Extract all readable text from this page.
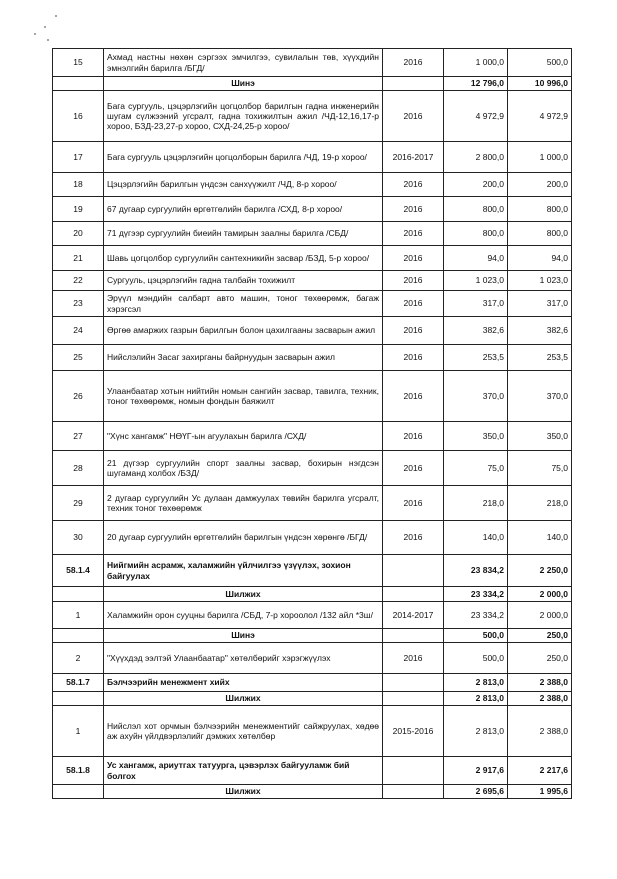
15	Ахмад настны нөхөн сэргээх эмчилгээ, сувилалын төв, хүүхдийн эмнэлгийн барилга /БГД/	2016	1 000,0	500,0
	Шинэ		12 796,0	10 996,0
16	Бага сургууль, цэцэрлэгийн цогцолбор барилгын гадна инженерийн шугам сүлжээний угсралт, гадна тохижилтын ажил /ЧД-12,16,17-р хороо, БЗД-23,27-р хороо, СХД-24,25-р хороо/	2016	4 972,9	4 972,9
17	Бага сургууль цэцэрлэгийн цогцолборын барилга /ЧД, 19-р хороо/	2016-2017	2 800,0	1 000,0
18	Цэцэрлэгийн барилгын үндсэн санхүүжилт /ЧД, 8-р хороо/	2016	200,0	200,0
19	67 дугаар сургуулийн өргөтгөлийн барилга /СХД, 8-р хороо/	2016	800,0	800,0
20	71 дүгээр сургуулийн биеийн тамирын заалны барилга /СБД/	2016	800,0	800,0
21	Шавь цогцолбор сургуулийн сантехникийн засвар /БЗД, 5-р хороо/	2016	94,0	94,0
22	Сургууль, цэцэрлэгийн гадна талбайн тохижилт	2016	1 023,0	1 023,0
23	Эрүүл мэндийн салбарт авто машин, тоног төхөөрөмж, багаж хэрэгсэл	2016	317,0	317,0
24	Өргөө амаржих газрын барилгын болон цахилгааны засварын ажил	2016	382,6	382,6
25	Нийслэлийн Засаг захирганы байрнуудын засварын ажил	2016	253,5	253,5
26	Улаанбаатар хотын нийтийн номын сангийн засвар, тавилга, техник, тоног төхөөрөмж, номын фондын баяжилт	2016	370,0	370,0
27	"Хүнс хангамж" НӨҮГ-ын агуулахын барилга /СХД/	2016	350,0	350,0
28	21 дүгээр сургуулийн спорт заалны засвар, бохирын нэгдсэн шугаманд холбох /БЗД/	2016	75,0	75,0
29	2 дугаар сургуулийн Ус дулаан дамжуулах төвийн барилга угсралт, техник тоног төхөөрөмж	2016	218,0	218,0
30	20 дугаар сургуулийн өргөтгөлийн барилгын үндсэн хөрөнгө /БГД/	2016	140,0	140,0
58.1.4	Нийгмийн асрамж, халамжийн үйлчилгээ үзүүлэх, зохион байгуулах		23 834,2	2 250,0
	Шилжих		23 334,2	2 000,0
1	Халамжийн орон сууцны барилга /СБД, 7-р хороолол /132 айл *3ш/	2014-2017	23 334,2	2 000,0
	Шинэ		500,0	250,0
2	"Хүүхдэд ээлтэй Улаанбаатар" хөтөлбөрийг хэрэгжүүлэх	2016	500,0	250,0
58.1.7	Бэлчээрийн менежмент хийх		2 813,0	2 388,0
	Шилжих		2 813,0	2 388,0
1	Нийслэл хот орчмын бэлчээрийн менежментийг сайжруулах, хөдөө аж ахуйн үйлдвэрлэлийг дэмжих хөтөлбөр	2015-2016	2 813,0	2 388,0
58.1.8	Ус хангамж, ариутгах татуурга, цэвэрлэх байгууламж бий болгох		2 917,6	2 217,6
	Шилжих		2 695,6	1 995,6
